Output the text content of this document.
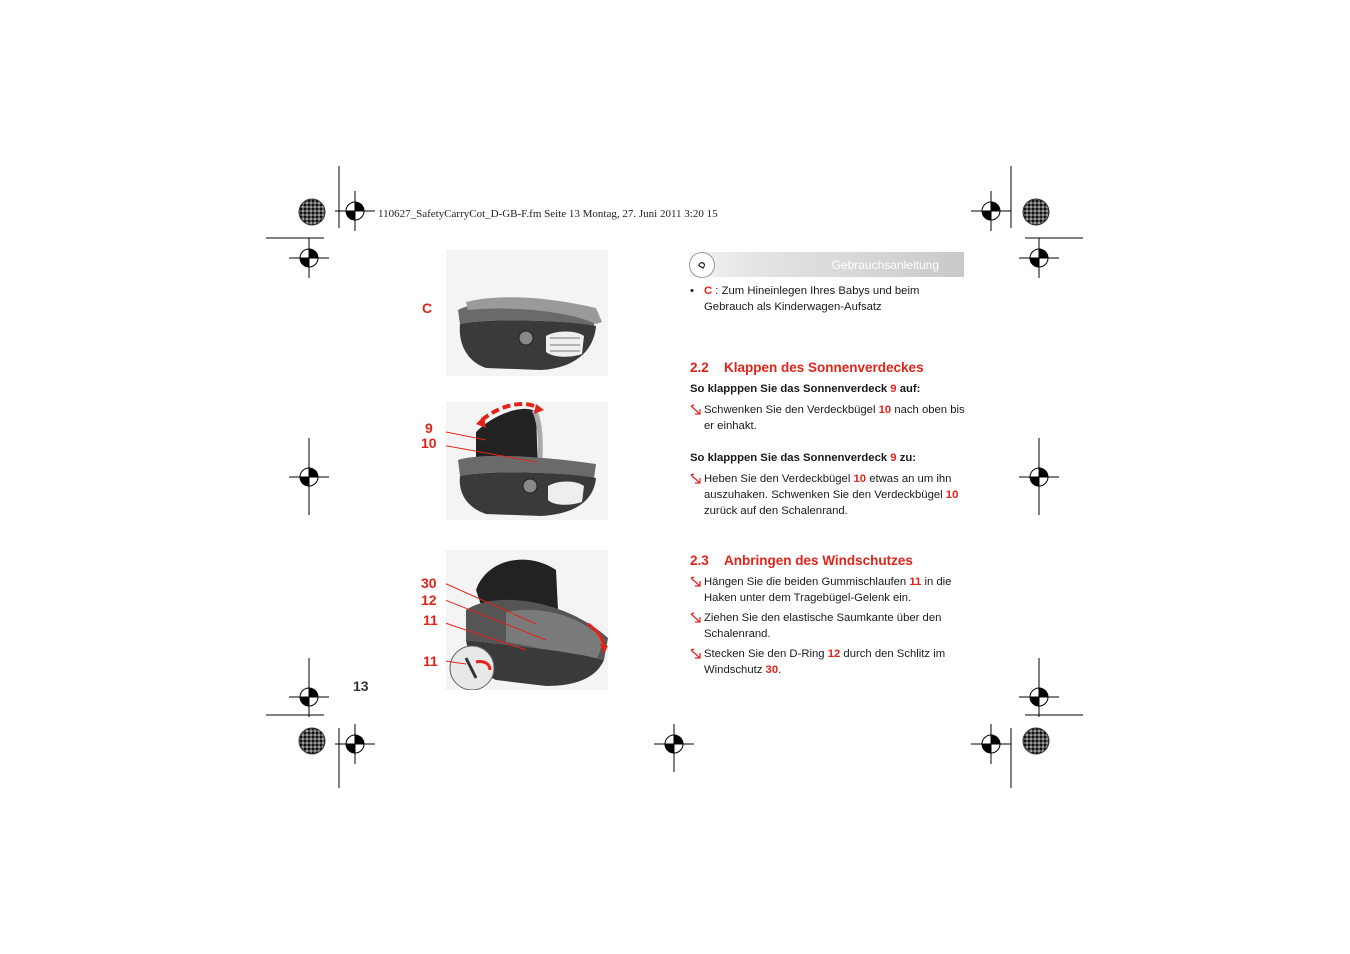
110627_SafetyCarryCot_D-GB-F.fm Seite 13 Montag, 27. Juni 2011 3:20 15
13
D	Gebrauchsanleitung
• C : Zum Hineinlegen Ihres Babys und beim Gebrauch als Kinderwagen-Aufsatz
2.2 Klappen des Sonnenverdeckes
So klapppen Sie das Sonnenverdeck 9 auf:
Schwenken Sie den Verdeckbügel 10 nach oben bis er einhakt.
So klapppen Sie das Sonnenverdeck 9 zu:
Heben Sie den Verdeckbügel 10 etwas an um ihn auszuhaken. Schwenken Sie den Verdeckbügel 10 zurück auf den Schalenrand.
2.3 Anbringen des Windschutzes
Hängen Sie die beiden Gummischlaufen 11 in die Haken unter dem Tragebügel-Gelenk ein.
Ziehen Sie den elastische Saumkante über den Schalenrand.
Stecken Sie den D-Ring 12 durch den Schlitz im Windschutz 30.
C
9
10
30
12
11
11
